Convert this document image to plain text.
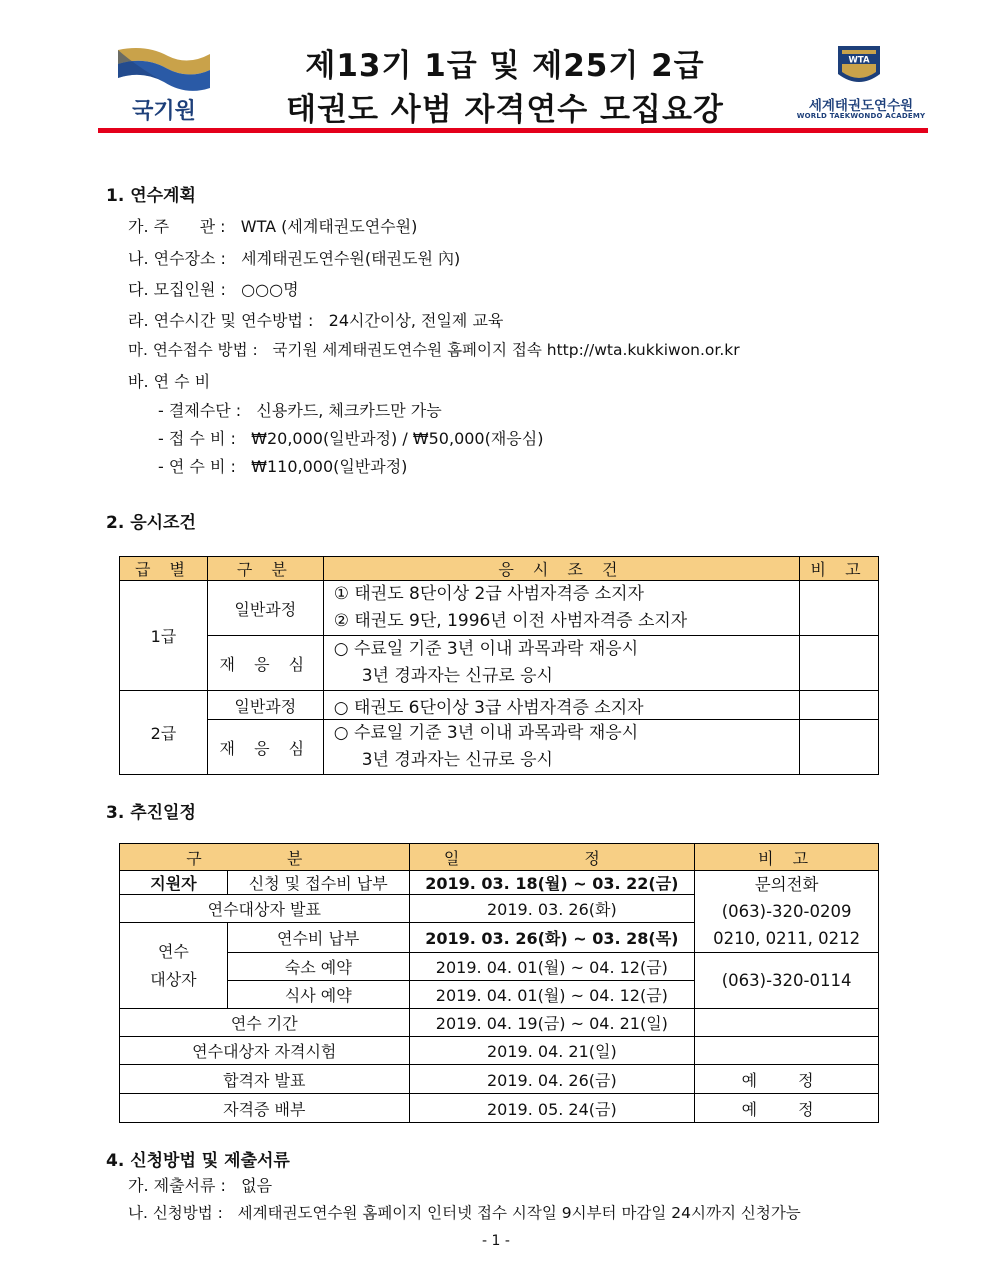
국기원
제13기 1급 및 제25기 2급
태권도 사범 자격연수 모집요강
WTA
세계태권도연수원
WORLD TAEKWONDO ACADEMY
1. 연수계획
가. 주      관 :   WTA (세계태권도연수원)
나. 연수장소 :   세계태권도연수원(태권도원 內)
다. 모집인원 :   ○○○명
라. 연수시간 및 연수방법 :   24시간이상, 전일제 교육
마. 연수접수 방법 :   국기원 세계태권도연수원 홈페이지 접속 http://wta.kukkiwon.or.kr
바. 연 수 비
- 결제수단 :   신용카드, 체크카드만 가능
- 접 수 비 :   ₩20,000(일반과정) / ₩50,000(재응심)
- 연 수 비 :   ₩110,000(일반과정)
2. 응시조건
급 별	구 분	응 시 조 건	비 고
1급	일반과정	① 태권도 8단이상 2급 사범자격증 소지자
② 태권도 9단, 1996년 이전 사범자격증 소지자	

	재 응 심	○ 수료일 기준 3년 이내 과목과락 재응시
3년 경과자는 신규로 응시	

2급	일반과정	○ 태권도 6단이상 3급 사범자격증 소지자	
	재 응 심	○ 수료일 기준 3년 이내 과목과락 재응시
3년 경과자는 신규로 응시	

3. 추진일정
구 분		일 정	비 고
지원자	신청 및 접수비 납부	2019. 03. 18(월) ~ 03. 22(금)	문의전화
(063)-320-0209
0210, 0211, 0212

연수대상자 발표		2019. 03. 26(화)	

연수
대상자	연수비 납부	2019. 03. 26(화) ~ 03. 28(목)	
	숙소 예약	2019. 04. 01(월) ~ 04. 12(금)	(063)-320-0114
	식사 예약	2019. 04. 01(월) ~ 04. 12(금)	
연수 기간		2019. 04. 19(금) ~ 04. 21(일)	
연수대상자 자격시험		2019. 04. 21(일)	
합격자 발표		2019. 04. 26(금)	예 정
자격증 배부		2019. 05. 24(금)	예 정
4. 신청방법 및 제출서류
가. 제출서류 :   없음
나. 신청방법 :   세계태권도연수원 홈페이지 인터넷 접수 시작일 9시부터 마감일 24시까지 신청가능
- 1 -
